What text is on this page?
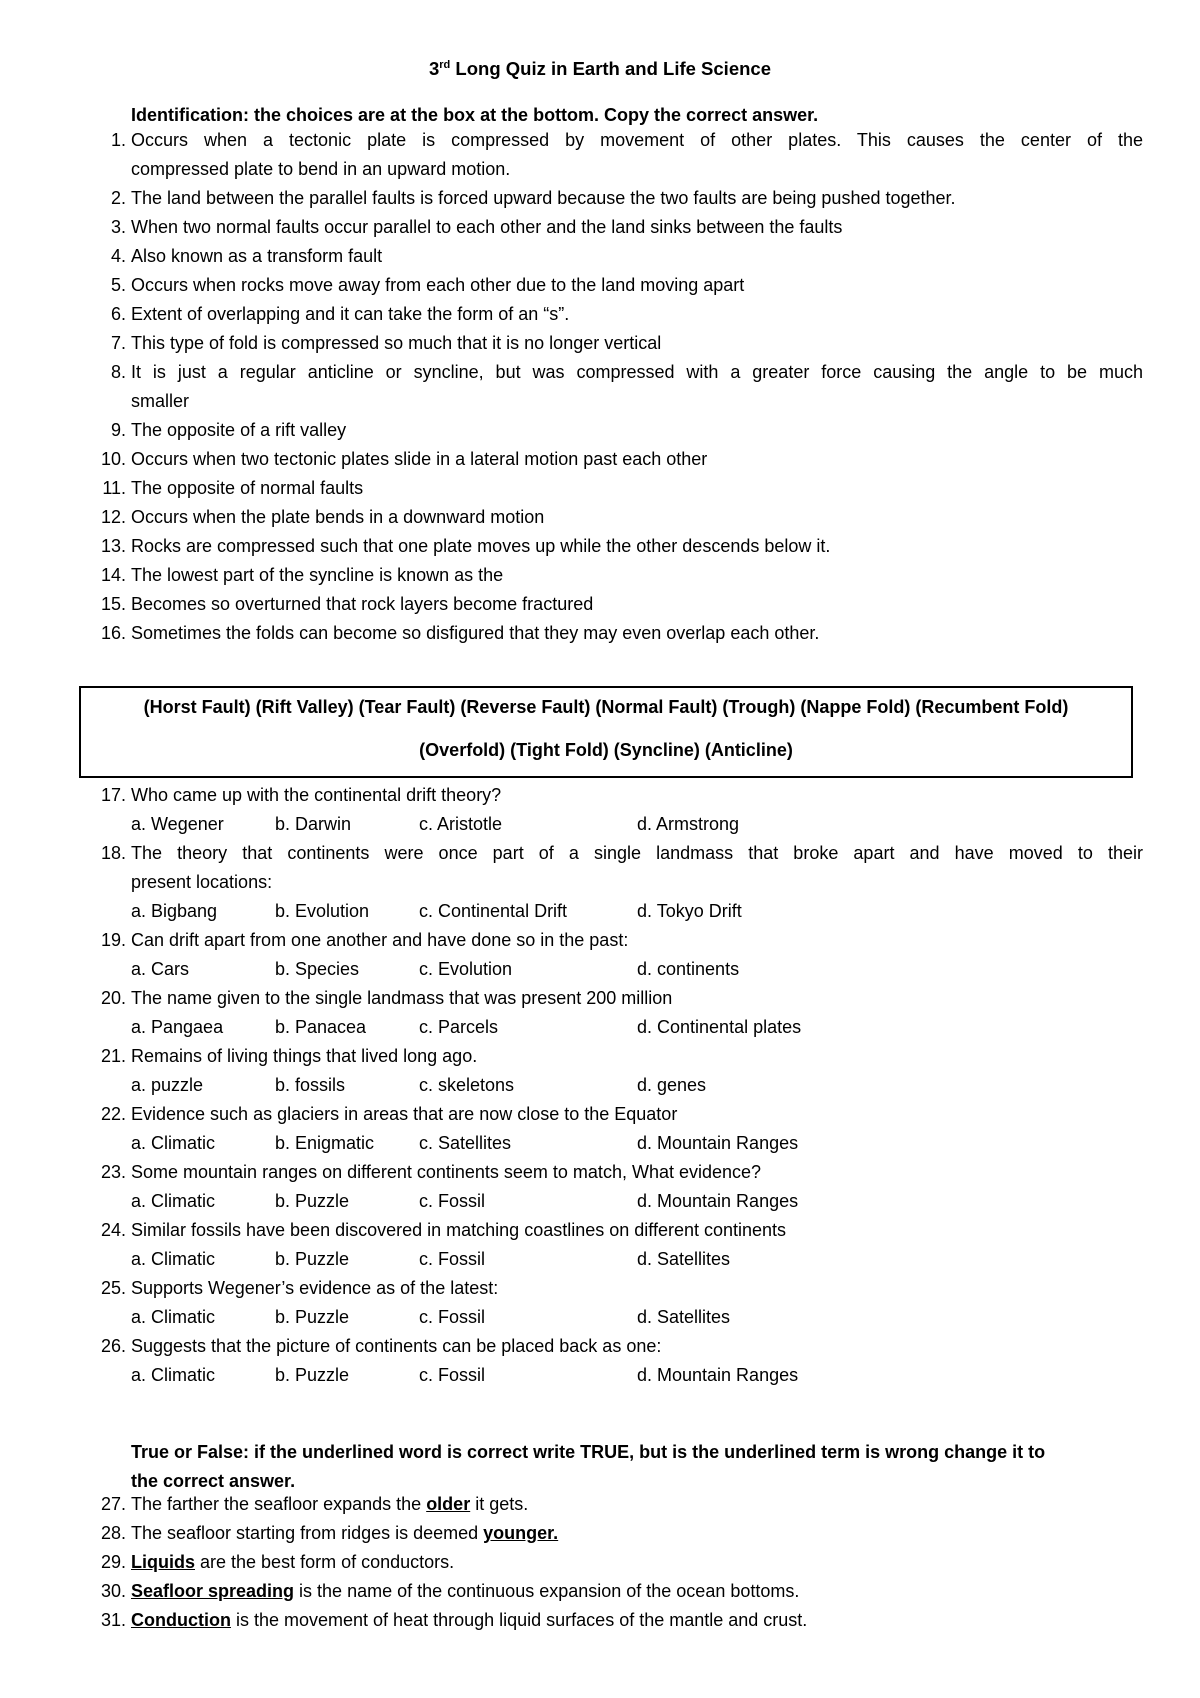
3rd Long Quiz in Earth and Life Science
Identification: the choices are at the box at the bottom. Copy the correct answer.
1. Occurs when a tectonic plate is compressed by movement of other plates. This causes the center of the
compressed plate to bend in an upward motion.
2. The land between the parallel faults is forced upward because the two faults are being pushed together.
3. When two normal faults occur parallel to each other and the land sinks between the faults
4. Also known as a transform fault
5. Occurs when rocks move away from each other due to the land moving apart
6. Extent of overlapping and it can take the form of an “s”.
7. This type of fold is compressed so much that it is no longer vertical
8. It is just a regular anticline or syncline, but was compressed with a greater force causing the angle to be much
smaller
9. The opposite of a rift valley
10. Occurs when two tectonic plates slide in a lateral motion past each other
11. The opposite of normal faults
12. Occurs when the plate bends in a downward motion
13. Rocks are compressed such that one plate moves up while the other descends below it.
14. The lowest part of the syncline is known as the
15. Becomes so overturned that rock layers become fractured
16. Sometimes the folds can become so disfigured that they may even overlap each other.
(Horst Fault) (Rift Valley) (Tear Fault) (Reverse Fault) (Normal Fault) (Trough) (Nappe Fold) (Recumbent Fold)
(Overfold) (Tight Fold) (Syncline) (Anticline)
17. Who came up with the continental drift theory?
a. Wegener	b. Darwin	c. Aristotle	d. Armstrong
18. The theory that continents were once part of a single landmass that broke apart and have moved to their
present locations:
a. Bigbang	b. Evolution	c. Continental Drift	d. Tokyo Drift
19. Can drift apart from one another and have done so in the past:
a. Cars	b. Species	c. Evolution	d. continents
20. The name given to the single landmass that was present 200 million
a. Pangaea	b. Panacea	c. Parcels	d. Continental plates
21. Remains of living things that lived long ago.
a. puzzle	b. fossils	c. skeletons	d. genes
22. Evidence such as glaciers in areas that are now close to the Equator
a. Climatic	b. Enigmatic c. Satellites	d. Mountain Ranges
23. Some mountain ranges on different continents seem to match, What evidence?
a. Climatic	b. Puzzle	c. Fossil	d. Mountain Ranges
24. Similar fossils have been discovered in matching coastlines on different continents
a. Climatic	b. Puzzle	c. Fossil	d. Satellites
25. Supports Wegener’s evidence as of the latest:
a. Climatic	b. Puzzle	c. Fossil	d. Satellites
26. Suggests that the picture of continents can be placed back as one:
a. Climatic	b. Puzzle	c. Fossil	d. Mountain Ranges
True or False: if the underlined word is correct write TRUE, but is the underlined term is wrong change it to
the correct answer.
27. The farther the seafloor expands the older it gets.
28. The seafloor starting from ridges is deemed younger.
29. Liquids are the best form of conductors.
30. Seafloor spreading is the name of the continuous expansion of the ocean bottoms.
31. Conduction is the movement of heat through liquid surfaces of the mantle and crust.
